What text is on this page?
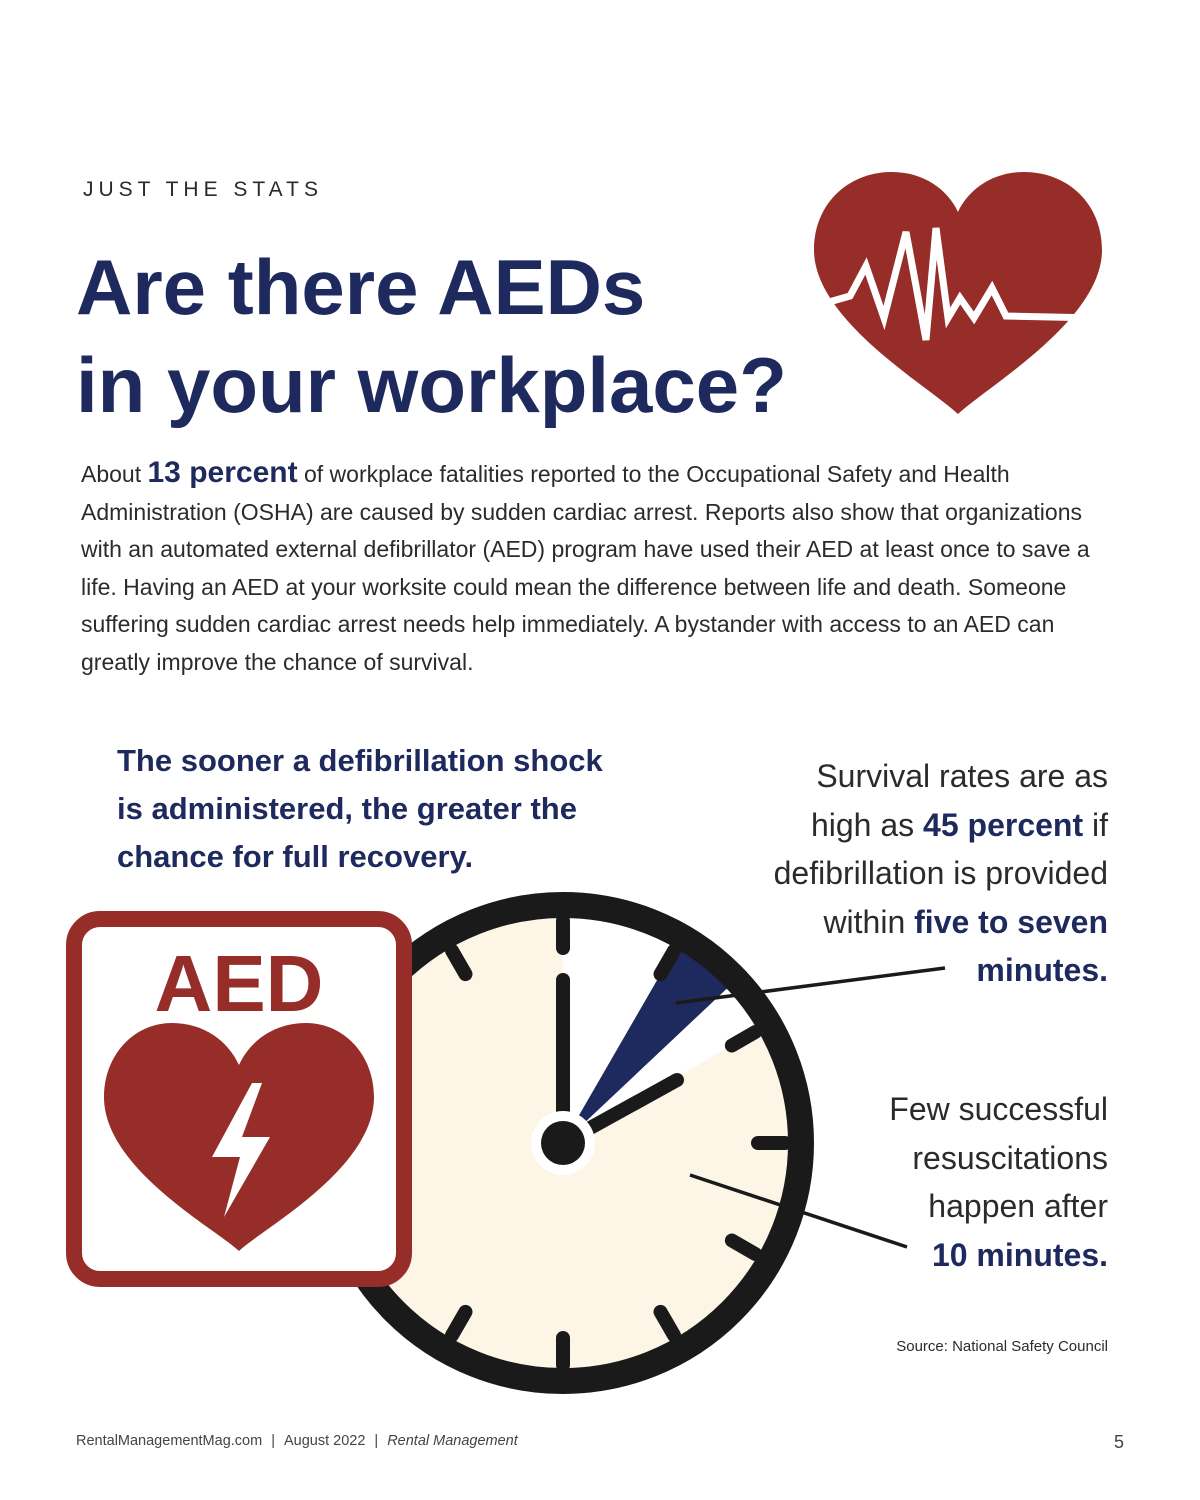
JUST THE STATS
Are there AEDs
in your workplace?

About 13 percent of workplace fatalities reported to the Occupational Safety and Health Administration (OSHA) are caused by sudden cardiac arrest. Reports also show that organizations with an automated external defibrillator (AED) program have used their AED at least once to save a life. Having an AED at your worksite could mean the difference between life and death. Someone suffering sudden cardiac arrest needs help immediately. A bystander with access to an AED can greatly improve the chance of survival.

The sooner a defibrillation shock
is administered, the greater the
chance for full recovery.

AED

Survival rates are as
high as 45 percent if
defibrillation is provided
within five to seven
minutes.

Few successful
resuscitations
happen after
10 minutes.

Source: National Safety Council
RentalManagementMag.com | August 2022 | Rental Management	5
